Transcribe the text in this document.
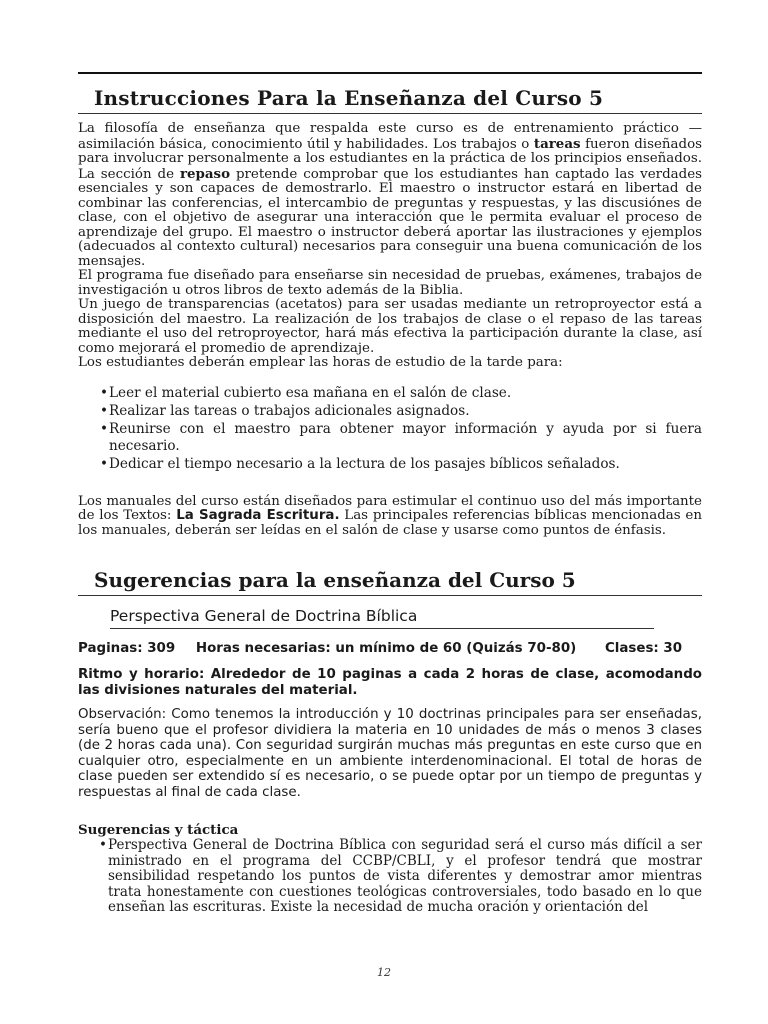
Instrucciones Para la Enseñanza del Curso 5

La filosofía de enseñanza que respalda este curso es de entrenamiento práctico — asimilación básica, conocimiento útil y habilidades. Los trabajos o tareas fueron diseñados para involucrar personalmente a los estudiantes en la práctica de los principios enseñados. La sección de repaso pretende comprobar que los estudiantes han captado las verdades esenciales y son capaces de demostrarlo. El maestro o instructor estará en libertad de combinar las conferencias, el intercambio de preguntas y respuestas, y las discusiónes de clase, con el objetivo de asegurar una interacción que le permita evaluar el proceso de aprendizaje del grupo. El maestro o instructor deberá aportar las ilustraciones y ejemplos (adecuados al contexto cultural) necesarios para conseguir una buena comunicación de los mensajes.

El programa fue diseñado para enseñarse sin necesidad de pruebas, exámenes, trabajos de investigación u otros libros de texto además de la Biblia.

Un juego de transparencias (acetatos) para ser usadas mediante un retroproyector está a disposición del maestro. La realización de los trabajos de clase o el repaso de las tareas mediante el uso del retroproyector, hará más efectiva la participación durante la clase, así como mejorará el promedio de aprendizaje.

Los estudiantes deberán emplear las horas de estudio de la tarde para:

• Leer el material cubierto esa mañana en el salón de clase.
• Realizar las tareas o trabajos adicionales asignados.
• Reunirse con el maestro para obtener mayor información y ayuda por si fuera necesario.
• Dedicar el tiempo necesario a la lectura de los pasajes bíblicos señalados.

Los manuales del curso están diseñados para estimular el continuo uso del más importante de los Textos: La Sagrada Escritura. Las principales referencias bíblicas mencionadas en los manuales, deberán ser leídas en el salón de clase y usarse como puntos de énfasis.

Sugerencias para la enseñanza del Curso 5
Perspectiva General de Doctrina Bíblica
Paginas: 309 Horas necesarias: un mínimo de 60 (Quizás 70-80) Clases: 30

Ritmo y horario: Alrededor de 10 paginas a cada 2 horas de clase, acomodando las divisiones naturales del material.

Observación: Como tenemos la introducción y 10 doctrinas principales para ser enseñadas, sería bueno que el profesor dividiera la materia en 10 unidades de más o menos 3 clases (de 2 horas cada una). Con seguridad surgirán muchas más preguntas en este curso que en cualquier otro, especialmente en un ambiente interdenominacional. El total de horas de clase pueden ser extendido sí es necesario, o se puede optar por un tiempo de preguntas y respuestas al final de cada clase.

Sugerencias y táctica
• Perspectiva General de Doctrina Bíblica con seguridad será el curso más difícil a ser ministrado en el programa del CCBP/CBLI, y el profesor tendrá que mostrar sensibilidad respetando los puntos de vista diferentes y demostrar amor mientras trata honestamente con cuestiones teológicas controversiales, todo basado en lo que enseñan las escrituras. Existe la necesidad de mucha oración y orientación del
12
